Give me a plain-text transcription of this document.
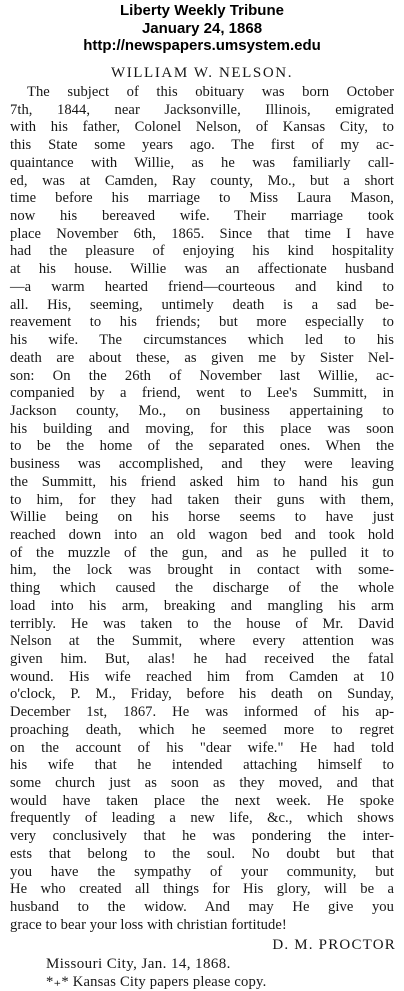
Liberty Weekly Tribune
January 24, 1868
http://newspapers.umsystem.edu
WILLIAM W. NELSON.
The subject of this obituary was born October
7th, 1844, near Jacksonville, Illinois, emigrated
with his father, Colonel Nelson, of Kansas City, to
this State some years ago. The first of my ac-
quaintance with Willie, as he was familiarly call-
ed, was at Camden, Ray county, Mo., but a short
time before his marriage to Miss Laura Mason,
now his bereaved wife. Their marriage took
place November 6th, 1865. Since that time I have
had the pleasure of enjoying his kind hospitality
at his house. Willie was an affectionate husband
—a warm hearted friend—courteous and kind to
all. His, seeming, untimely death is a sad be-
reavement to his friends; but more especially to
his wife. The circumstances which led to his
death are about these, as given me by Sister Nel-
son: On the 26th of November last Willie, ac-
companied by a friend, went to Lee's Summitt, in
Jackson county, Mo., on business appertaining to
his building and moving, for this place was soon
to be the home of the separated ones. When the
business was accomplished, and they were leaving
the Summitt, his friend asked him to hand his gun
to him, for they had taken their guns with them,
Willie being on his horse seems to have just
reached down into an old wagon bed and took hold
of the muzzle of the gun, and as he pulled it to
him, the lock was brought in contact with some-
thing which caused the discharge of the whole
load into his arm, breaking and mangling his arm
terribly. He was taken to the house of Mr. David
Nelson at the Summit, where every attention was
given him. But, alas! he had received the fatal
wound. His wife reached him from Camden at 10
o'clock, P. M., Friday, before his death on Sunday,
December 1st, 1867. He was informed of his ap-
proaching death, which he seemed more to regret
on the account of his "dear wife." He had told
his wife that he intended attaching himself to
some church just as soon as they moved, and that
would have taken place the next week. He spoke
frequently of leading a new life, &c., which shows
very conclusively that he was pondering the inter-
ests that belong to the soul. No doubt but that
you have the sympathy of your community, but
He who created all things for His glory, will be a
husband to the widow. And may He give you
grace to bear your loss with christian fortitude!
D. M. PROCTOR
Missouri City, Jan. 14, 1868.
*₊* Kansas City papers please copy.
